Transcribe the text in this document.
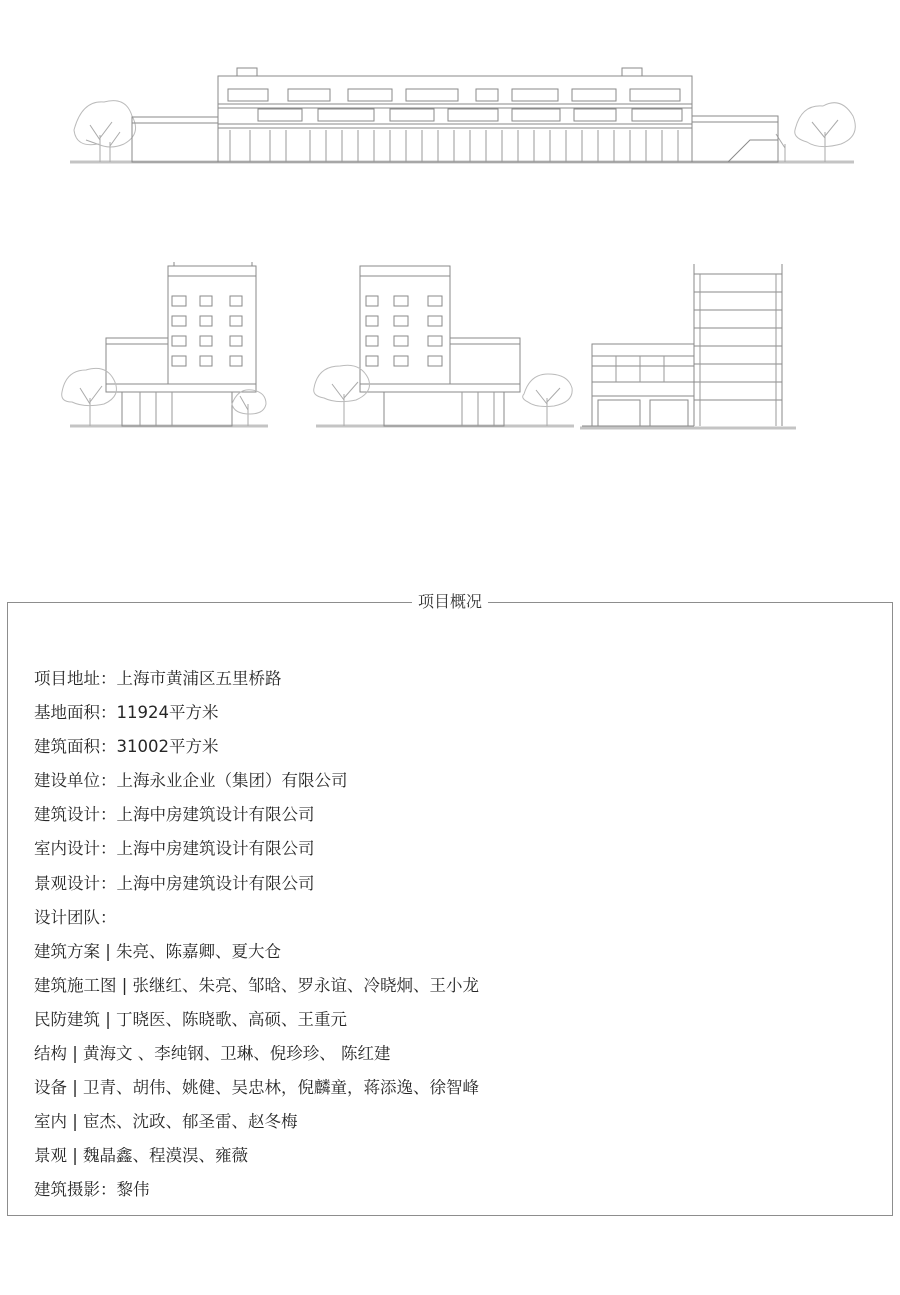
项目概况
项目地址：上海市黄浦区五里桥路
基地面积：11924平方米
建筑面积：31002平方米
建设单位：上海永业企业（集团）有限公司
建筑设计：上海中房建筑设计有限公司
室内设计：上海中房建筑设计有限公司
景观设计：上海中房建筑设计有限公司
设计团队：
建筑方案 | 朱亮、陈嘉卿、夏大仓
建筑施工图 | 张继红、朱亮、邹晗、罗永谊、冷晓炯、王小龙
民防建筑 | 丁晓医、陈晓歌、高硕、王重元
结构 | 黄海文 、李纯钢、卫琳、倪珍珍、 陈红建
设备 | 卫青、胡伟、姚健、吴忠林，倪麟童，蒋添逸、徐智峰
室内 | 宦杰、沈政、郁圣雷、赵冬梅
景观 | 魏晶鑫、程漠淏、雍薇
建筑摄影：黎伟
